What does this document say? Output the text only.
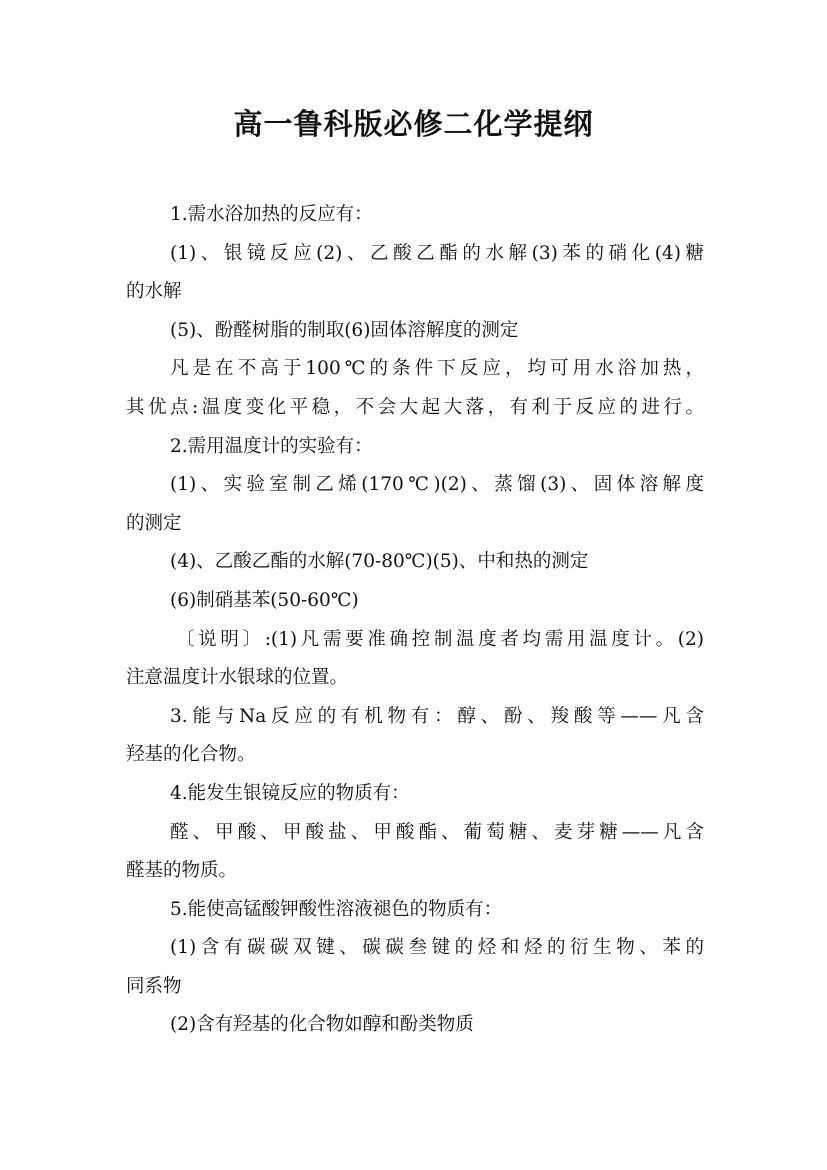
高一鲁科版必修二化学提纲
1.需水浴加热的反应有：
(1)、银镜反应(2)、乙酸乙酯的水解(3)苯的硝化(4)糖
的水解
(5)、酚醛树脂的制取(6)固体溶解度的测定
凡是在不高于100℃的条件下反应，均可用水浴加热，
其优点:温度变化平稳，不会大起大落，有利于反应的进行。
2.需用温度计的实验有：
(1)、实验室制乙烯(170℃)(2)、蒸馏(3)、固体溶解度
的测定
(4)、乙酸乙酯的水解(70-80℃)(5)、中和热的测定
(6)制硝基苯(50-60℃)
〔说明〕:(1)凡需要准确控制温度者均需用温度计。(2)
注意温度计水银球的位置。
3.能与Na反应的有机物有：醇、酚、羧酸等——凡含
羟基的化合物。
4.能发生银镜反应的物质有：
醛、甲酸、甲酸盐、甲酸酯、葡萄糖、麦芽糖——凡含
醛基的物质。
5.能使高锰酸钾酸性溶液褪色的物质有：
(1)含有碳碳双键、碳碳叁键的烃和烃的衍生物、苯的
同系物
(2)含有羟基的化合物如醇和酚类物质
